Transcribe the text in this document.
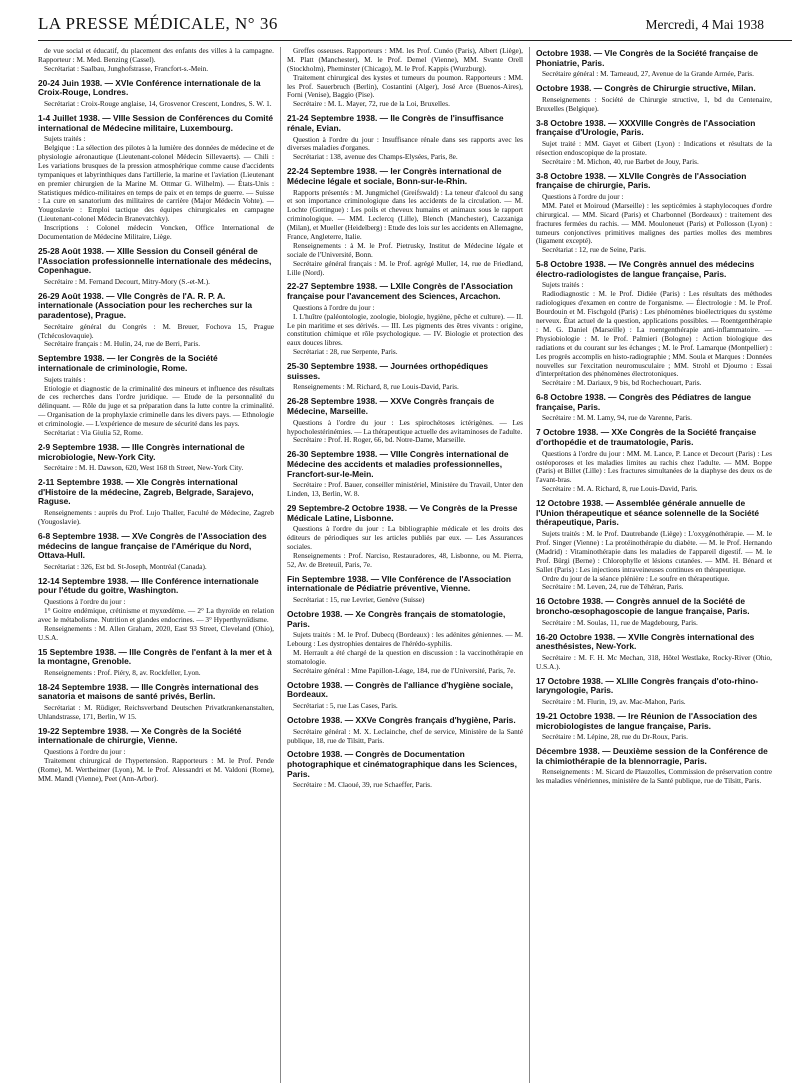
LA PRESSE MÉDICALE, N° 36	Mercredi, 4 Mai 1938

de vue social et éducatif, du placement des enfants des villes à la campagne. Rapporteur : M. Med. Benzing (Cassel).

Secrétariat : Saalbau, Junghofstrasse, Francfort-s.-Mein.

20-24 Juin 1938. — XVIe Conférence internationale de la Croix-Rouge, Londres.

Secrétariat : Croix-Rouge anglaise, 14, Grosvenor Crescent, Londres, S. W. 1.

1-4 Juillet 1938. — VIIIe Session de Conférences du Comité international de Médecine militaire, Luxembourg.

Sujets traités :

Belgique : La sélection des pilotes à la lumière des données de médecine et de physiologie aéronautique (Lieutenant-colonel Médecin Sillevaerts). — Chili : Les variations brusques de la pression atmosphérique comme cause d'accidents tympaniques et labyrinthiques dans l'artillerie, la marine et l'aviation (Lieutenant en premier chirurgien de la Marine M. Ottmar G. Wilhelm). — États-Unis : Statistiques médico-militaires en temps de paix et en temps de guerre. — Suisse : La cure en sanatorium des militaires de carrière (Major Médecin Vohte). — Yougoslavie : Emploi tactique des équipes chirurgicales en campagne (Lieutenant-colonel Médecin Branevatchky).

Inscriptions : Colonel médecin Voncken, Office International de Documentation de Médecine Militaire, Liège.

25-28 Août 1938. — XIIIe Session du Conseil général de l'Association professionnelle internationale des médecins, Copenhague.

Secrétaire : M. Fernand Decourt, Mitry-Mory (S.-et-M.).

26-29 Août 1938. — VIIe Congrès de l'A. R. P. A. internationale (Association pour les recherches sur la paradentose), Prague.

Secrétaire général du Congrès : M. Breuer, Fochova 15, Prague (Tchécoslovaquie).

Secrétaire français : M. Hulin, 24, rue de Berri, Paris.

Septembre 1938. — Ier Congrès de la Société internationale de criminologie, Rome.

Sujets traités :

Etiologie et diagnostic de la criminalité des mineurs et influence des résultats de ces recherches dans l'ordre juridique. — Etude de la personnalité du délinquant. — Rôle du juge et sa préparation dans la lutte contre la criminalité. — Organisation de la prophylaxie criminelle dans les divers pays. — Ethnologie et criminologie. — L'expérience de mesure de sécurité dans les pays.

Secrétariat : Via Giulia 52, Rome.

2-9 Septembre 1938. — IIIe Congrès international de microbiologie, New-York City.

Secrétaire : M. H. Dawson, 620, West 168 th Street, New-York City.

2-11 Septembre 1938. — XIe Congrès international d'Histoire de la médecine, Zagreb, Belgrade, Sarajevo, Raguse.

Renseignements : auprès du Prof. Lujo Thaller, Faculté de Médecine, Zagreb (Yougoslavie).

6-8 Septembre 1938. — XVe Congrès de l'Association des médecins de langue française de l'Amérique du Nord, Ottava-Hull.

Secrétariat : 326, Est bd. St-Joseph, Montréal (Canada).

12-14 Septembre 1938. — IIIe Conférence internationale pour l'étude du goitre, Washington.

Questions à l'ordre du jour :

1° Goitre endémique, crétinisme et myxœdème. — 2° La thyroïde en relation avec le métabolisme. Nutrition et glandes endocrines. — 3° Hyperthyroïdisme.

Renseignements : M. Allen Graham, 2020, East 93 Street, Cleveland (Ohio), U.S.A.

15 Septembre 1938. — IIIe Congrès de l'enfant à la mer et à la montagne, Grenoble.

Renseignements : Prof. Piéry, 8, av. Rockfeller, Lyon.

18-24 Septembre 1938. — IIIe Congrès international des sanatoria et maisons de santé privés, Berlin.

Secrétariat : M. Rüdiger, Reichsverband Deutschen Privatkrankenanstalten, Uhlandstrasse, 171, Berlin, W 15.

19-22 Septembre 1938. — Xe Congrès de la Société internationale de chirurgie, Vienne.

Questions à l'ordre du jour :

Traitement chirurgical de l'hypertension. Rapporteurs : M. le Prof. Pende (Rome), M. Wertheimer (Lyon), M. le Prof. Alessandri et M. Valdoni (Rome), MM. Mandl (Vienne), Peet (Ann-Arbor).

Greffes osseuses. Rapporteurs : MM. les Prof. Cunéo (Paris), Albert (Liège), M. Platt (Manchester), M. le Prof. Demel (Vienne), MM. Svante Orell (Stockholm), Pheminster (Chicago), M. le Prof. Kappis (Wurzburg).

Traitement chirurgical des kystes et tumeurs du poumon. Rapporteurs : MM. les Prof. Sauerbruch (Berlin), Costantini (Alger), José Arce (Buenos-Aires), Forni (Venise), Baggio (Pise).

Secrétaire : M. L. Mayer, 72, rue de la Loi, Bruxelles.

21-24 Septembre 1938. — IIe Congrès de l'insuffisance rénale, Evian.

Question à l'ordre du jour : Insuffisance rénale dans ses rapports avec les diverses maladies d'organes.

Secrétariat : 138, avenue des Champs-Elysées, Paris, 8e.

22-24 Septembre 1938. — Ier Congrès international de Médecine légale et sociale, Bonn-sur-le-Rhin.

Rapports présentés : M. Jungmichel (Greifswald) : La teneur d'alcool du sang et son importance criminologique dans les accidents de la circulation. — M. Lochte (Gottingue) : Les poils et cheveux humains et animaux sous le rapport criminologique. — MM. Leclercq (Lille), Blench (Manchester), Cazzaniga (Milan), et Mueller (Heidelberg) : Etude des lois sur les accidents en Allemagne, France, Angleterre, Italie.

Renseignements : à M. le Prof. Pietrusky, Institut de Médecine légale et sociale de l'Université, Bonn.

Secrétaire général français : M. le Prof. agrégé Muller, 14, rue de Friedland, Lille (Nord).

22-27 Septembre 1938. — LXIIe Congrès de l'Association française pour l'avancement des Sciences, Arcachon.

Questions à l'ordre du jour :

I. L'huître (paléontologie, zoologie, biologie, hygiène, pêche et culture). — II. Le pin maritime et ses dérivés. — III. Les pigments des êtres vivants : origine, constitution chimique et rôle psychologique. — IV. Biologie et protection des eaux douces libres.

Secrétariat : 28, rue Serpente, Paris.

25-30 Septembre 1938. — Journées orthopédiques suisses.

Renseignements : M. Richard, 8, rue Louis-David, Paris.

26-28 Septembre 1938. — XXVe Congrès français de Médecine, Marseille.

Questions à l'ordre du jour : Les spirochétoses ictérigènes. — Les hypocholestérinémies. — La thérapeutique actuelle des avitaminoses de l'adulte.

Secrétaire : Prof. H. Roger, 66, bd. Notre-Dame, Marseille.

26-30 Septembre 1938. — VIIIe Congrès international de Médecine des accidents et maladies professionnelles, Francfort-sur-le-Mein.

Secrétaire : Prof. Bauer, conseiller ministériel, Ministère du Travail, Unter den Linden, 13, Berlin, W. 8.

29 Septembre-2 Octobre 1938. — Ve Congrès de la Presse Médicale Latine, Lisbonne.

Questions à l'ordre du jour : La bibliographie médicale et les droits des éditeurs de périodiques sur les articles publiés par eux. — Les Assurances sociales.

Renseignements : Prof. Narciso, Restauradores, 48, Lisbonne, ou M. Pierra, 52, Av. de Breteuil, Paris, 7e.

Fin Septembre 1938. — VIIe Conférence de l'Association internationale de Pédiatrie préventive, Vienne.

Secrétariat : 15, rue Levrier, Genève (Suisse)

Octobre 1938. — Xe Congrès français de stomatologie, Paris.

Sujets traités : M. le Prof. Dubecq (Bordeaux) : les adénites géniennes. — M. Lebourg : Les dystrophies dentaires de l'hérédo-syphilis.

M. Herrault a été chargé de la question en discussion : la vaccinothérapie en stomatologie.

Secrétaire général : Mme Papillon-Léage, 184, rue de l'Université, Paris, 7e.

Octobre 1938. — Congrès de l'alliance d'hygiène sociale, Bordeaux.

Secrétariat : 5, rue Las Cases, Paris.

Octobre 1938. — XXVe Congrès français d'hygiène, Paris.

Secrétaire général : M. X. Leclainche, chef de service, Ministère de la Santé publique, 18, rue de Tilsitt, Paris.

Octobre 1938. — Congrès de Documentation photographique et cinématographique dans les Sciences, Paris.

Secrétaire : M. Claoué, 39, rue Schaeffer, Paris.

Octobre 1938. — VIe Congrès de la Société française de Phoniatrie, Paris.

Secrétaire général : M. Tarneaud, 27, Avenue de la Grande Armée, Paris.

Octobre 1938. — Congrès de Chirurgie structive, Milan.

Renseignements : Société de Chirurgie structive, 1, bd du Centenaire, Bruxelles (Belgique).

3-8 Octobre 1938. — XXXVIIIe Congrès de l'Association française d'Urologie, Paris.

Sujet traité : MM. Gayet et Gibert (Lyon) : Indications et résultats de la résection endoscopique de la prostate.

Secrétaire : M. Michon, 40, rue Barbet de Jouy, Paris.

3-8 Octobre 1938. — XLVIIe Congrès de l'Association française de chirurgie, Paris.

Questions à l'ordre du jour :

MM. Patel et Moiroud (Marseille) : les septicémies à staphylocoques d'ordre chirurgical. — MM. Sicard (Paris) et Charbonnel (Bordeaux) : traitement des fractures fermées du rachis. — MM. Mouloneuet (Paris) et Pollosson (Lyon) : tumeurs conjonctives primitives malignes des parties molles des membres (ligament excepté).

Secrétariat : 12, rue de Seine, Paris.

5-8 Octobre 1938. — IVe Congrès annuel des médecins électro-radiologistes de langue française, Paris.

Sujets traités :

Radiodiagnostic : M. le Prof. Didiée (Paris) : Les résultats des méthodes radiologiques d'examen en contre de l'organisme. — Électrologie : M. le Prof. Bourdouin et M. Fischgold (Paris) : Les phénomènes bioélectriques du système nerveux. État actuel de la question, applications possibles. — Roentgenthérapie : M. G. Daniel (Marseille) : La roentgenthérapie anti-inflammatoire. — Physiobiologie : M. le Prof. Palmieri (Bologne) : Action biologique des radiations et du courant sur les échanges ; M. le Prof. Lamarque (Montpellier) : Les progrès accomplis en histo-radiographie ; MM. Soula et Marques : Données nouvelles sur l'excitation neuromusculaire ; MM. Strohl et Djourno : Essai d'interprétation des phénomènes électrotoniques.

Secrétaire : M. Dariaux, 9 bis, bd Rochechouart, Paris.

6-8 Octobre 1938. — Congrès des Pédiatres de langue française, Paris.

Secrétaire : M. M. Lamy, 94, rue de Varenne, Paris.

7 Octobre 1938. — XXe Congrès de la Société française d'orthopédie et de traumatologie, Paris.

Questions à l'ordre du jour : MM. M. Lance, P. Lance et Decourt (Paris) : Les ostéoporoses et les maladies limites au rachis chez l'adulte. — MM. Boppe (Paris) et Billet (Lille) : Les fractures simultanées de la diaphyse des deux os de l'avant-bras.

Secrétaire : M. A. Richard, 8, rue Louis-David, Paris.

12 Octobre 1938. — Assemblée générale annuelle de l'Union thérapeutique et séance solennelle de la Société thérapeutique, Paris.

Sujets traités : M. le Prof. Dautrebande (Liège) : L'oxygénothérapie. — M. le Prof. Singer (Vienne) : La protéinothérapie du diabète. — M. le Prof. Hernando (Madrid) : Vitaminothérapie dans les maladies de l'appareil digestif. — M. le Prof. Bürgi (Berne) : Chlorophylle et lésions cutanées. — MM. H. Bénard et Sallet (Paris) : Les injections intraveineuses continues en thérapeutique.

Ordre du jour de la séance plénière : Le soufre en thérapeutique.

Secrétaire : M. Leven, 24, rue de Téhéran, Paris.

16 Octobre 1938. — Congrès annuel de la Société de broncho-œsophagoscopie de langue française, Paris.

Secrétaire : M. Soulas, 11, rue de Magdebourg, Paris.

16-20 Octobre 1938. — XVIIe Congrès international des anesthésistes, New-York.

Secrétaire : M. F. H. Mc Mechan, 318, Hôtel Westlake, Rocky-River (Ohio, U.S.A.).

17 Octobre 1938. — XLIIIe Congrès français d'oto-rhino-laryngologie, Paris.

Secrétaire : M. Flurin, 19, av. Mac-Mahon, Paris.

19-21 Octobre 1938. — Ire Réunion de l'Association des microbiologistes de langue française, Paris.

Secrétaire : M. Lépine, 28, rue du Dr-Roux, Paris.

Décembre 1938. — Deuxième session de la Conférence de la chimiothérapie de la blennorragie, Paris.

Renseignements : M. Sicard de Plauzolles, Commission de préservation contre les maladies vénériennes, ministère de la Santé publique, rue de Tilsitt, Paris.
